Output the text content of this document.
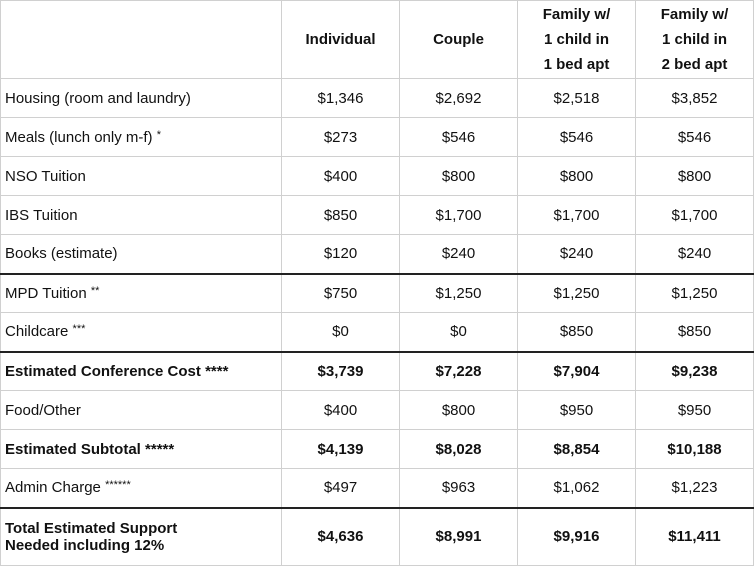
	Individual	Couple	Family w/
1 child in
1 bed apt	Family w/
1 child in
2 bed apt

Housing (room and laundry)	$1,346	$2,692	$2,518	$3,852
Meals (lunch only m-f) *	$273	$546	$546	$546
NSO Tuition	$400	$800	$800	$800
IBS Tuition	$850	$1,700	$1,700	$1,700
Books (estimate)	$120	$240	$240	$240
MPD Tuition **	$750	$1,250	$1,250	$1,250
Childcare ***	$0	$0	$850	$850
Estimated Conference Cost ****	$3,739	$7,228	$7,904	$9,238
Food/Other	$400	$800	$950	$950
Estimated Subtotal *****	$4,139	$8,028	$8,854	$10,188
Admin Charge ******	$497	$963	$1,062	$1,223

Total Estimated Support
Needed including 12%	$4,636	$8,991	$9,916	$11,411
